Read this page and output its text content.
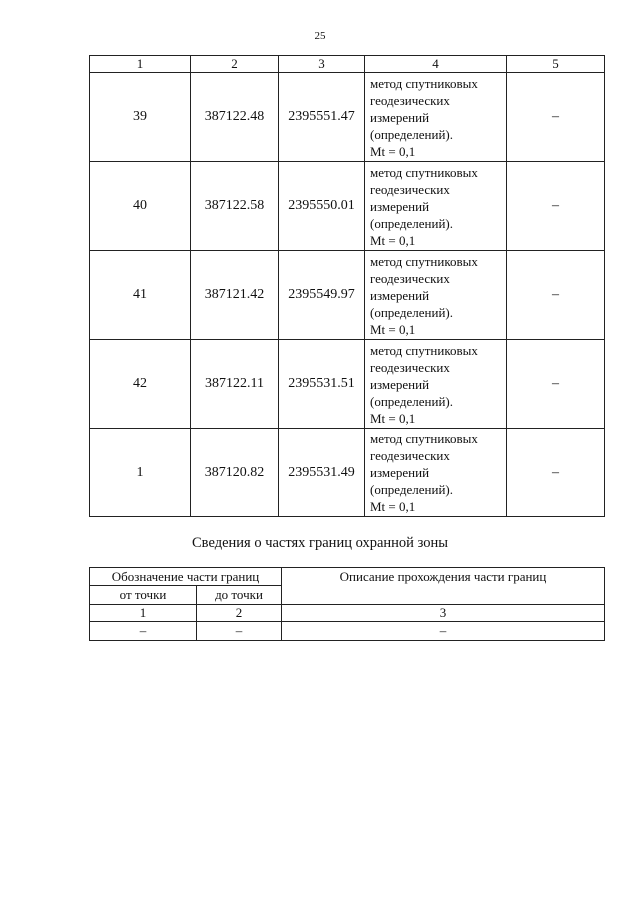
25
1	2	3	4	5
39	387122.48	2395551.47	метод спутниковых
геодезических
измерений
(определений).
Mt = 0,1	–
40	387122.58	2395550.01	метод спутниковых
геодезических
измерений
(определений).
Mt = 0,1	–
41	387121.42	2395549.97	метод спутниковых
геодезических
измерений
(определений).
Mt = 0,1	–
42	387122.11	2395531.51	метод спутниковых
геодезических
измерений
(определений).
Mt = 0,1	–
1	387120.82	2395531.49	метод спутниковых
геодезических
измерений
(определений).
Mt = 0,1	–
Сведения о частях границ охранной зоны
Обозначение части границ		Описание прохождения части границ
от точки	до точки	
1	2	3
–	–	–
